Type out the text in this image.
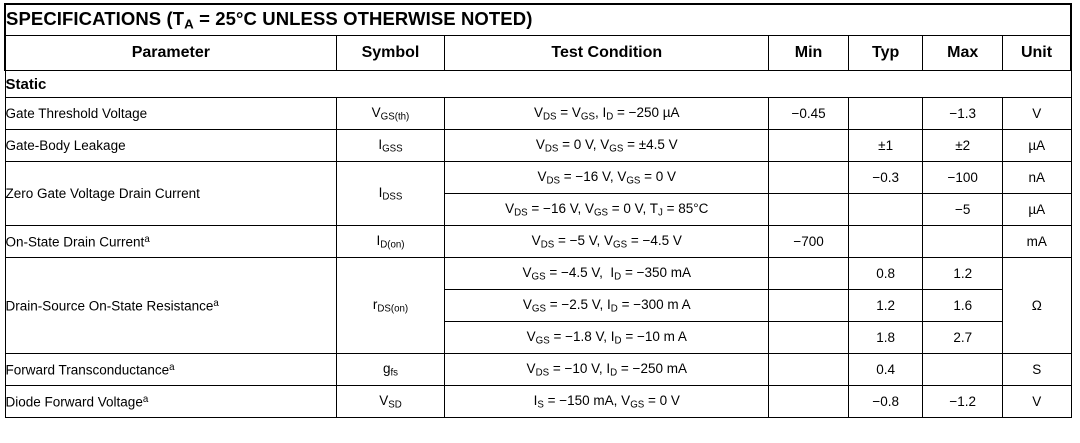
SPECIFICATIONS ($T_A = 25^\circ C$ UNLESS OTHERWISE NOTED)						
Parameter	Symbol	Test Condition	Min	Typ	Max	Unit
Static						
Gate Threshold Voltage	$V_{GS(th)}$	$V_{DS} = V_{GS}$, $I_D = -250$ µA	−0.45		−1.3	V
Gate-Body Leakage	$I_{GSS}$	$V_{DS} = 0$ V, $V_{GS} = \pm 4.5$ V		±1	±2	µA
Zero Gate Voltage Drain Current	$I_{DSS}$	$V_{DS} = -16$ V, $V_{GS} = 0$ V		−0.3	−100	nA
		$V_{DS} = -16$ V, $V_{GS} = 0$ V, $T_J = 85^\circ C$			−5	µA
On-State Drain Current$^a$	$I_{D(on)}$	$V_{DS} = -5$ V, $V_{GS} = -4.5$ V	−700			mA
Drain-Source On-State Resistance$^a$	$r_{DS(on)}$	$V_{GS} = -4.5$ V,  $I_D = -350$ mA		0.8	1.2	Ω
		$V_{GS} = -2.5$ V, $I_D = -300$ m A		1.2	1.6	
		$V_{GS} = -1.8$ V, $I_D = -10$ m A		1.8	2.7	
Forward Transconductance$^a$	$g_{fs}$	$V_{DS} = -10$ V, $I_D = -250$ mA		0.4		S
Diode Forward Voltage$^a$	$V_{SD}$	$I_S = -150$ mA, $V_{GS} = 0$ V		−0.8	−1.2	V
